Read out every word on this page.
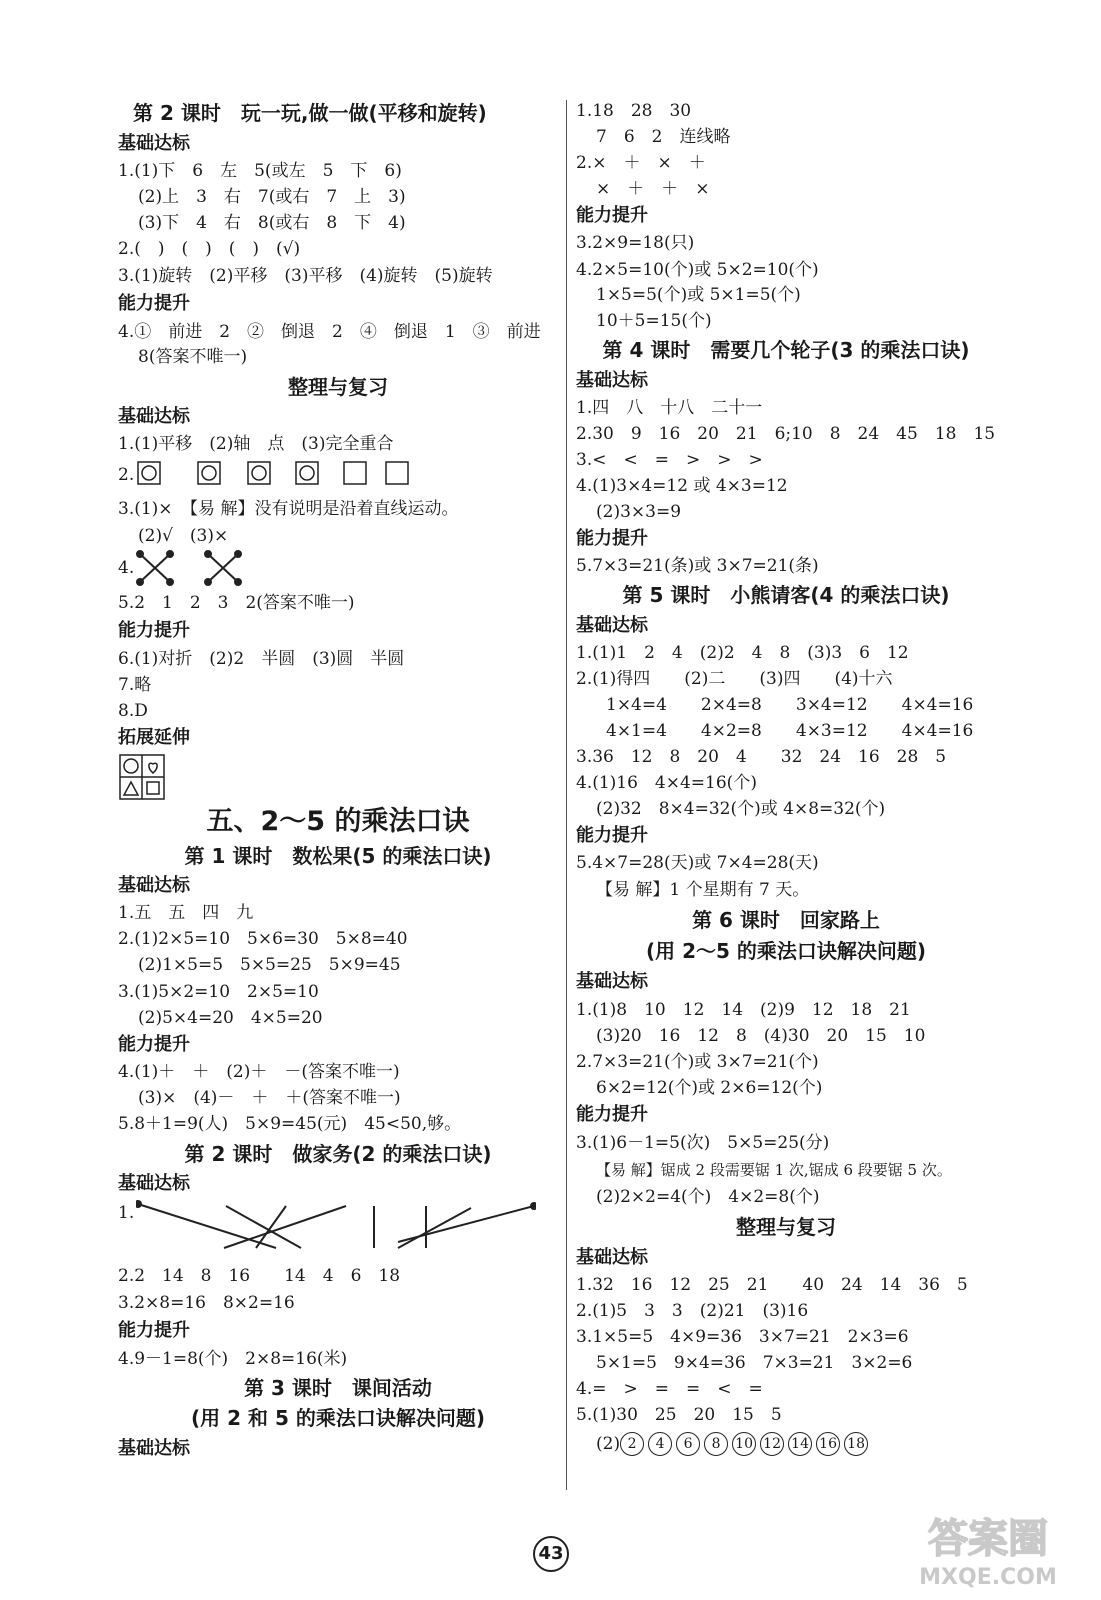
第 2 课时　玩一玩,做一做(平移和旋转)
基础达标
1.(1)下　6　左　5(或左　5　下　6)
(2)上　3　右　7(或右　7　上　3)
(3)下　4　右　8(或右　8　下　4)
2.(　)　(　)　(　)　(√)
3.(1)旋转　(2)平移　(3)平移　(4)旋转　(5)旋转
能力提升
4.①　前进　2　②　倒退　2　④　倒退　1　③　前进
8(答案不唯一)
整理与复习
基础达标
1.(1)平移　(2)轴　点　(3)完全重合
2.
3.(1)×　【易 解】没有说明是沿着直线运动。
(2)√　(3)×
4.
5.2　1　2　3　2(答案不唯一)
能力提升
6.(1)对折　(2)2　半圆　(3)圆　半圆
7.略
8.D
拓展延伸
五、2～5 的乘法口诀
第 1 课时　数松果(5 的乘法口诀)
基础达标
1.五　五　四　九
2.(1)2×5=10　5×6=30　5×8=40
(2)1×5=5　5×5=25　5×9=45
3.(1)5×2=10　2×5=10
(2)5×4=20　4×5=20
能力提升
4.(1)＋　＋　(2)＋　－(答案不唯一)
(3)×　(4)－　＋　＋(答案不唯一)
5.8＋1=9(人)　5×9=45(元)　45<50,够。
第 2 课时　做家务(2 的乘法口诀)
基础达标
1.
2.2　14　8　16　　14　4　6　18
3.2×8=16　8×2=16
能力提升
4.9－1=8(个)　2×8=16(米)
第 3 课时　课间活动
(用 2 和 5 的乘法口诀解决问题)
基础达标
1.18　28　30
7　6　2　连线略
2.×　＋　×　＋
×　＋　＋　×
能力提升
3.2×9=18(只)
4.2×5=10(个)或 5×2=10(个)
1×5=5(个)或 5×1=5(个)
10＋5=15(个)
第 4 课时　需要几个轮子(3 的乘法口诀)
基础达标
1.四　八　十八　二十一
2.30　9　16　20　21　6;10　8　24　45　18　15
3.<　<　=　>　>　>
4.(1)3×4=12 或 4×3=12
(2)3×3=9
能力提升
5.7×3=21(条)或 3×7=21(条)
第 5 课时　小熊请客(4 的乘法口诀)
基础达标
1.(1)1　2　4　(2)2　4　8　(3)3　6　12
2.(1)得四　　(2)二　　(3)四　　(4)十六
1×4=4　　2×4=8　　3×4=12　　4×4=16
4×1=4　　4×2=8　　4×3=12　　4×4=16
3.36　12　8　20　4　　32　24　16　28　5
4.(1)16　4×4=16(个)
(2)32　8×4=32(个)或 4×8=32(个)
能力提升
5.4×7=28(天)或 7×4=28(天)
【易 解】1 个星期有 7 天。
第 6 课时　回家路上
(用 2～5 的乘法口诀解决问题)
基础达标
1.(1)8　10　12　14　(2)9　12　18　21
(3)20　16　12　8　(4)30　20　15　10
2.7×3=21(个)或 3×7=21(个)
6×2=12(个)或 2×6=12(个)
能力提升
3.(1)6－1=5(次)　5×5=25(分)
【易 解】锯成 2 段需要锯 1 次,锯成 6 段要锯 5 次。
(2)2×2=4(个)　4×2=8(个)
整理与复习
基础达标
1.32　16　12　25　21　　40　24　14　36　5
2.(1)5　3　3　(2)21　(3)16
3.1×5=5　4×9=36　3×7=21　2×3=6
5×1=5　9×4=36　7×3=21　3×2=6
4.=　>　=　=　<　=
5.(1)30　25　20　15　5
(2) 2 4 6 8 10 12 14 16 18
43	答案圈
MXQE.COM
